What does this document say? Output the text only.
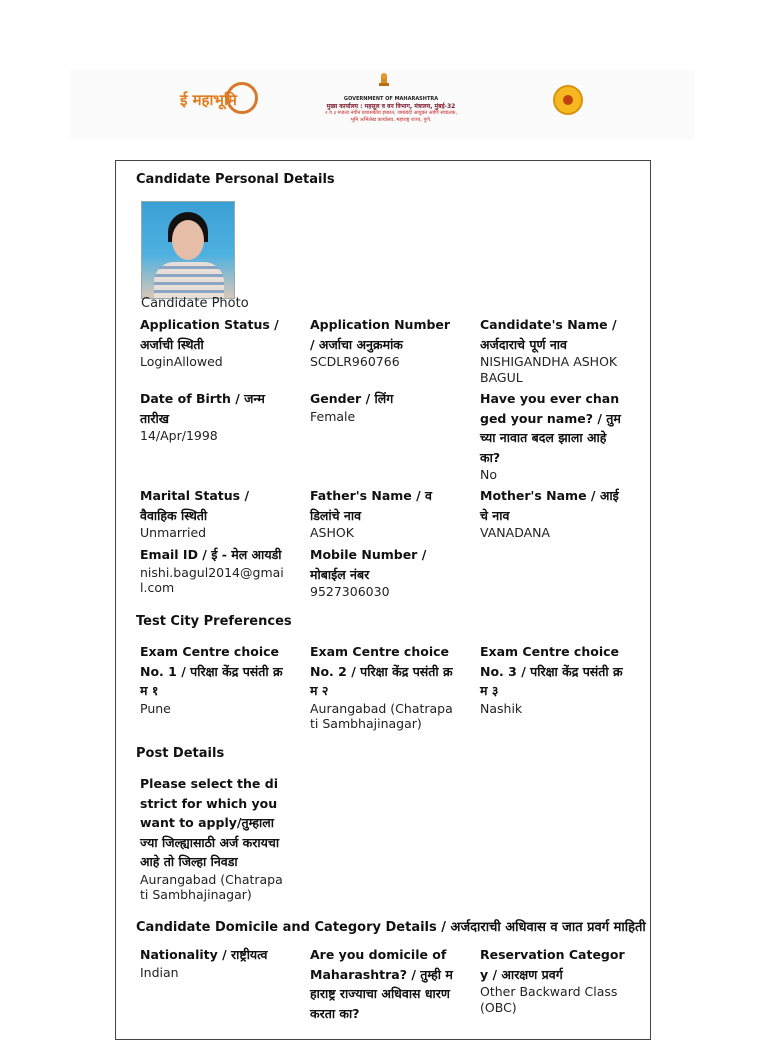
ई महाभूमि	GOVERNMENT OF MAHARASHTRA
मुख्य कार्यालय : महसूल व वन विभाग, मंत्रालय, मुंबई-32
२ व ३ मजला नवीन प्रशासकीय इमारत, जमाबंदी आयुक्त आणि संचालक,
भूमि अभिलेख कार्यालय, महाराष्ट्र राज्य, पुणे.
Candidate Personal Details
Candidate Photo
Application Status / अर्जाची स्थिती
LoginAllowed
Application Number / अर्जाचा अनुक्रमांक
SCDLR960766
Candidate's Name / अर्जदाराचे पूर्ण नाव
NISHIGANDHA ASHOK BAGUL
Date of Birth / जन्म तारीख
14/Apr/1998
Gender / लिंग
Female
Have you ever changed your name? / तुमच्या नावात बदल झाला आहे का?
No
Marital Status / वैवाहिक स्थिती
Unmarried
Father's Name / वडिलांचे नाव
ASHOK
Mother's Name / आईचे नाव
VANADANA
Email ID / ई - मेल आयडी
nishi.bagul2014@gmail.com
Mobile Number / मोबाईल नंबर
9527306030
Test City Preferences
Exam Centre choice No. 1 / परिक्षा केंद्र पसंती क्रम १
Pune
Exam Centre choice No. 2 / परिक्षा केंद्र पसंती क्रम २
Aurangabad (Chatrapati Sambhajinagar)
Exam Centre choice No. 3 / परिक्षा केंद्र पसंती क्रम ३
Nashik
Post Details
Please select the district for which you want to apply/तुम्हाला ज्या जिल्ह्यासाठी अर्ज करायचा आहे तो जिल्हा निवडा
Aurangabad (Chatrapati Sambhajinagar)
Candidate Domicile and Category Details / अर्जदाराची अधिवास व जात प्रवर्ग माहिती
Nationality / राष्ट्रीयत्व
Indian
Are you domicile of Maharashtra? / तुम्ही महाराष्ट्र राज्याचा अधिवास धारण करता का?
Reservation Category / आरक्षण प्रवर्ग
Other Backward Class (OBC)
